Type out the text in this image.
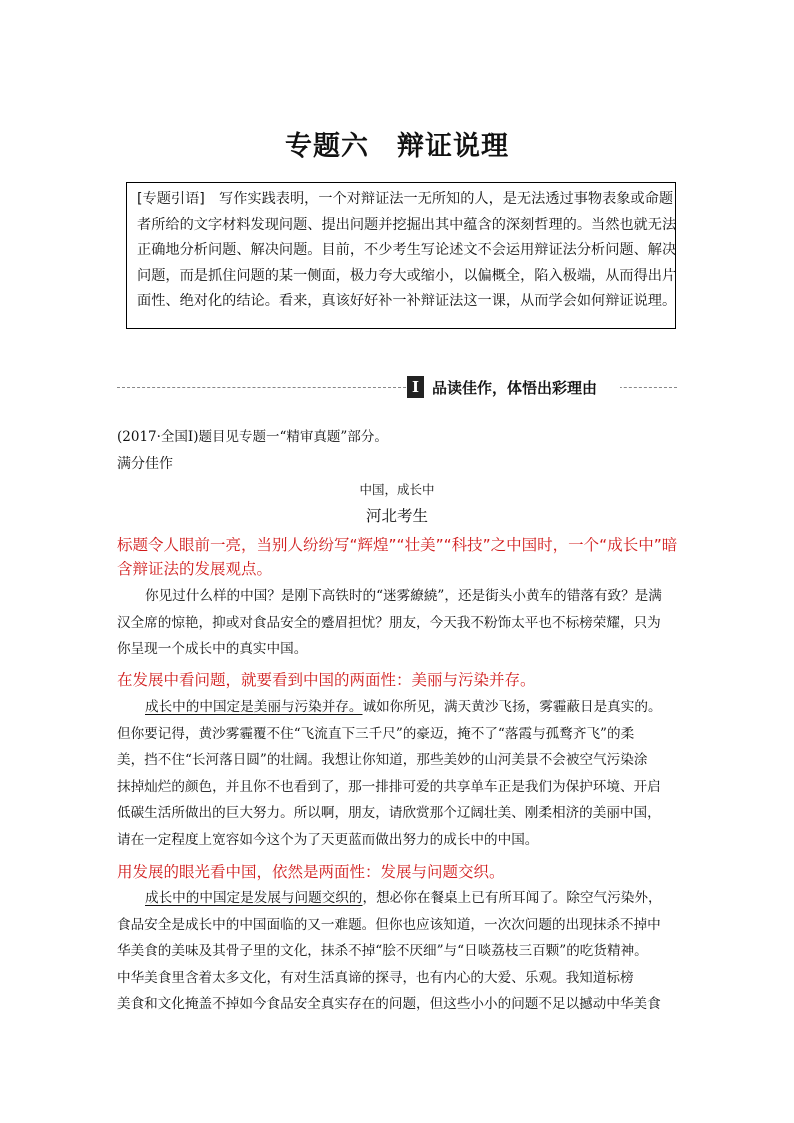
专题六　辩证说理
[专题引语]　写作实践表明，一个对辩证法一无所知的人，是无法透过事物表象或命题
者所给的文字材料发现问题、提出问题并挖掘出其中蕴含的深刻哲理的。当然也就无法
正确地分析问题、解决问题。目前，不少考生写论述文不会运用辩证法分析问题、解决
问题，而是抓住问题的某一侧面，极力夸大或缩小，以偏概全，陷入极端，从而得出片
面性、绝对化的结论。看来，真该好好补一补辩证法这一课，从而学会如何辩证说理。
Ⅰ 品读佳作，体悟出彩理由
(2017·全国Ⅰ)题目见专题一“精审真题”部分。
满分佳作
中国，成长中
河北考生
标题令人眼前一亮，当别人纷纷写“辉煌”“壮美”“科技”之中国时，一个“成长中”暗
含辩证法的发展观点。
你见过什么样的中国？是刚下高铁时的“迷雾繚繞”，还是街头小黄车的错落有致？是满
汉全席的惊艳，抑或对食品安全的蹙眉担忧？朋友，今天我不粉饰太平也不标榜荣耀，只为
你呈现一个成长中的真实中国。
在发展中看问题，就要看到中国的两面性：美丽与污染并存。
成长中的中国定是美丽与污染并存。诚如你所见，满天黄沙飞扬，雾霾蔽日是真实的。
但你要记得，黄沙雾霾覆不住“飞流直下三千尺”的豪迈，掩不了“落霞与孤鹜齐飞”的柔
美，挡不住“长河落日圆”的壮阔。我想让你知道，那些美妙的山河美景不会被空气污染涂
抹掉灿烂的颜色，并且你不也看到了，那一排排可爱的共享单车正是我们为保护环境、开启
低碳生活所做出的巨大努力。所以啊，朋友，请欣赏那个辽阔壮美、刚柔相济的美丽中国，
请在一定程度上宽容如今这个为了天更蓝而做出努力的成长中的中国。
用发展的眼光看中国，依然是两面性：发展与问题交织。
成长中的中国定是发展与问题交织的，想必你在餐桌上已有所耳闻了。除空气污染外，
食品安全是成长中的中国面临的又一难题。但你也应该知道，一次次问题的出现抹杀不掉中
华美食的美味及其骨子里的文化，抹杀不掉“脍不厌细”与“日啖荔枝三百颗”的吃货精神。
中华美食里含着太多文化，有对生活真谛的探寻，也有内心的大爱、乐观。我知道标榜
美食和文化掩盖不掉如今食品安全真实存在的问题，但这些小小的问题不足以撼动中华美食
